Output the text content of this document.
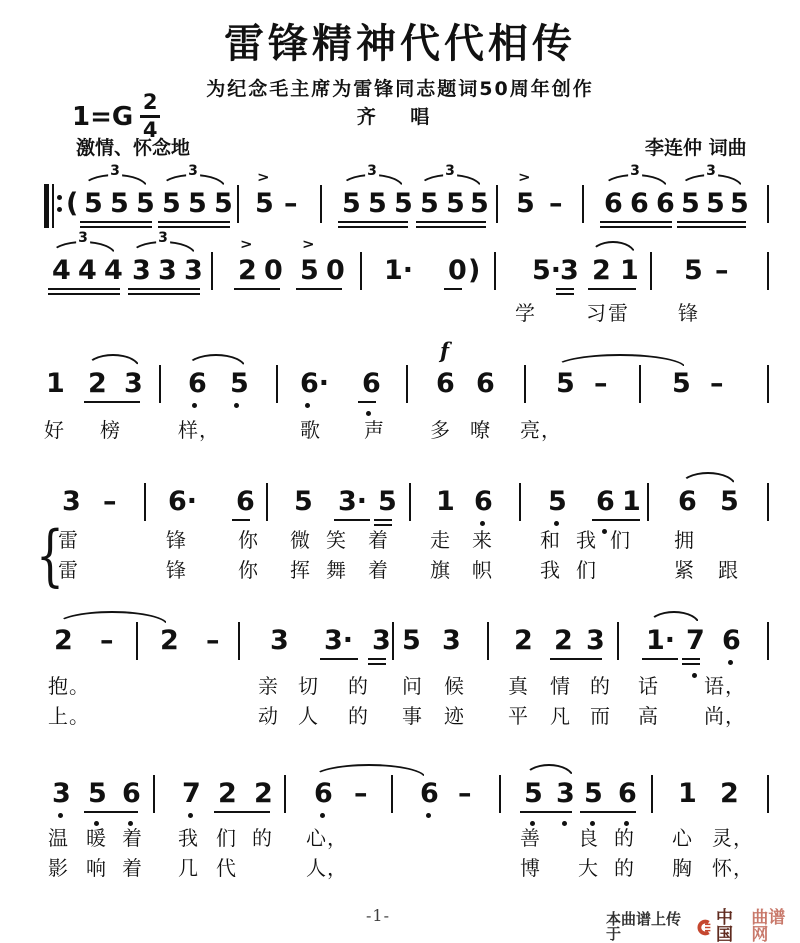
雷锋精神代代相传
为纪念毛主席为雷锋同志题词50周年创作
齐 唱
$1=G \frac{2}{4}$
激情、怀念地	李连仲 词曲
( 5 5 5 5 5 5 5 – 5 5 5 5 5 5 5 – 6 6 6 5 5 5
>	>
3	3	3	3	3	3
4 4 4 3 3 3 2 0 5 0 1· 0 ) 5·
3 2 1 5 –
>	>
3	3
学	习 雷 锋
1 2 3 6 5 6· 6 6 6 5 – 5 –
f
好 榜	样，	歌 声 多 嘹 亮，
3 – 6· 6 5 3· 5 1 6 5 6 1 6 5
雷	锋	你 微 笑 着 走 来 和 我 们 拥
雷	锋	你 挥 舞 着 旗 帜 我 们	紧 跟
{
2 – 2 – 3 3· 3 5 3 2 2 3 1· 7 6
抱。	亲 切 的 问 候 真 情 的 话 语，
上。	动 人 的 事 迹 平 凡 而 高 尚，
3 5 6 7 2 2 6 – 6 – 5 3 5 6 1 2
温 暖 着 我 们 的 心，	善 良 的 心 灵，
影 响 着 几 代	人，	博 大 的 胸 怀，
-1-	本曲谱上传于
中国
曲谱网
